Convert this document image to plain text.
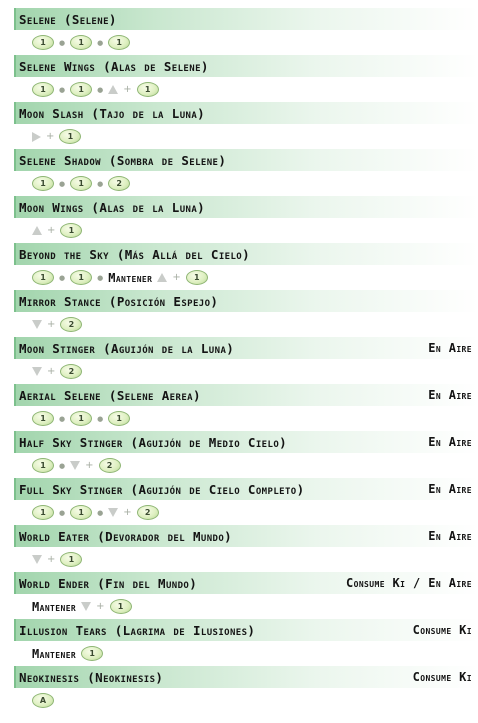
Selene (Selene)
1	●	1	●	1
Selene Wings (Alas de Selene)
1	●	1	● +	1
Moon Slash (Tajo de la Luna)
+	1
Selene Shadow (Sombra de Selene)
1	●	1	●	2
Moon Wings (Alas de la Luna)
+	1
Beyond the Sky (Más Allá del Cielo)
1	●	1	● Mantener +	1
Mirror Stance (Posición Espejo)
+	2
Moon Stinger (Aguijón de la Luna)	En Aire
+	2
Aerial Selene (Selene Aerea)	En Aire
1	●	1	●	1
Half Sky Stinger (Aguijón de Medio Cielo)	En Aire
1	● +	2
Full Sky Stinger (Aguijón de Cielo Completo)	En Aire
1	●	1	● +	2
World Eater (Devorador del Mundo)	En Aire
+	1
World Ender (Fin del Mundo)	Consume Ki / En Aire
Mantener +	1
Illusion Tears (Lagrima de Ilusiones)	Consume Ki
Mantener	1
Neokinesis (Neokinesis)	Consume Ki
A
